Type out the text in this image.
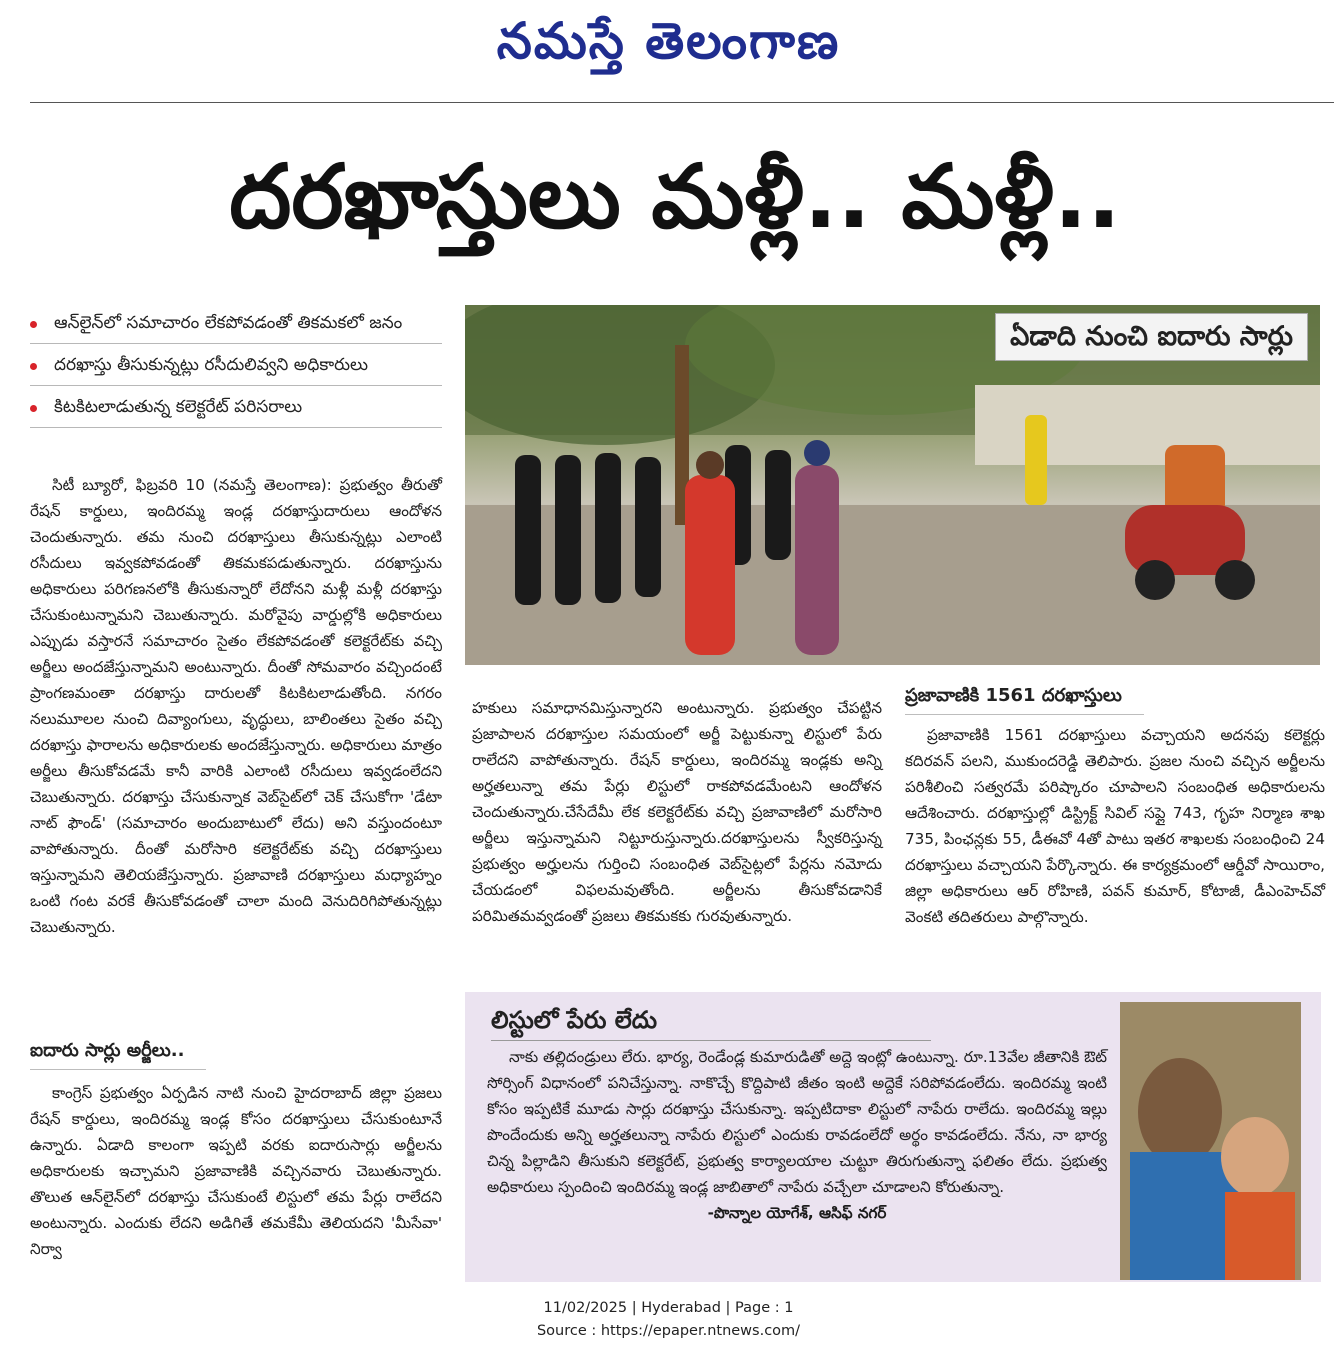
నమస్తే తెలంగాణ
దరఖాస్తులు మళ్లీ.. మళ్లీ..
ఆన్‌లైన్‌లో సమాచారం లేకపోవడంతో తికమకలో జనం
దరఖాస్తు తీసుకున్నట్లు రసీదులివ్వని అధికారులు
కిటకిటలాడుతున్న కలెక్టరేట్ పరిసరాలు

సిటీ బ్యూరో, ఫిబ్రవరి 10 (నమస్తే తెలంగాణ): ప్రభుత్వం తీరుతో రేషన్ కార్డులు, ఇందిరమ్మ ఇండ్ల దరఖాస్తుదారులు ఆందోళన చెందుతున్నారు. తమ నుంచి దరఖాస్తులు తీసుకున్నట్లు ఎలాంటి రసీదులు ఇవ్వకపోవడంతో తికమకపడుతున్నారు. దరఖాస్తును అధికారులు పరిగణనలోకి తీసుకున్నారో లేదోనని మళ్లీ మళ్లీ దరఖాస్తు చేసుకుంటున్నామని చెబుతున్నారు. మరోవైపు వార్డుల్లోకి అధికారులు ఎప్పుడు వస్తారనే సమాచారం సైతం లేకపోవడంతో కలెక్టరేట్‌కు వచ్చి అర్జీలు అందజేస్తున్నామని అంటున్నారు. దీంతో సోమవారం వచ్చిందంటే ప్రాంగణమంతా దరఖాస్తు దారులతో కిటకిటలాడుతోంది. నగరం నలుమూలల నుంచి దివ్యాంగులు, వృద్ధులు, బాలింతలు సైతం వచ్చి దరఖాస్తు ఫారాలను అధికారులకు అందజేస్తున్నారు. అధికారులు మాత్రం అర్జీలు తీసుకోవడమే కానీ వారికి ఎలాంటి రసీదులు ఇవ్వడంలేదని చెబుతున్నారు. దరఖాస్తు చేసుకున్నాక వెబ్‌సైట్‌లో చెక్ చేసుకోగా 'డేటా నాట్ ఫౌండ్' (సమాచారం అందుబాటులో లేదు) అని వస్తుందంటూ వాపోతున్నారు. దీంతో మరోసారి కలెక్టరేట్‌కు వచ్చి దరఖాస్తులు ఇస్తున్నామని తెలియజేస్తున్నారు. ప్రజావాణి దరఖాస్తులు మధ్యాహ్నం ఒంటి గంట వరకే తీసుకోవడంతో చాలా మంది వెనుదిరిగిపోతున్నట్లు చెబుతున్నారు.

ఐదారు సార్లు అర్జీలు..

కాంగ్రెస్ ప్రభుత్వం ఏర్పడిన నాటి నుంచి హైదరాబాద్ జిల్లా ప్రజలు రేషన్ కార్డులు, ఇందిరమ్మ ఇండ్ల కోసం దరఖాస్తులు చేసుకుంటూనే ఉన్నారు. ఏడాది కాలంగా ఇప్పటి వరకు ఐదారుసార్లు అర్జీలను అధికారులకు ఇచ్చామని ప్రజావాణికి వచ్చినవారు చెబుతున్నారు. తొలుత ఆన్‌లైన్‌లో దరఖాస్తు చేసుకుంటే లిస్టులో తమ పేర్లు రాలేదని అంటున్నారు. ఎందుకు లేదని అడిగితే తమకేమీ తెలియదని 'మీసేవా' నిర్వా

ఏడాది నుంచి ఐదారు సార్లు

హకులు సమాధానమిస్తున్నారని అంటున్నారు. ప్రభుత్వం చేపట్టిన ప్రజాపాలన దరఖాస్తుల సమయంలో అర్జీ పెట్టుకున్నా లిస్టులో పేరు రాలేదని వాపోతున్నారు. రేషన్ కార్డులు, ఇందిరమ్మ ఇండ్లకు అన్ని అర్హతలున్నా తమ పేర్లు లిస్టులో రాకపోవడమేంటని ఆందోళన చెందుతున్నారు.చేసేదేమీ లేక కలెక్టరేట్‌కు వచ్చి ప్రజావాణిలో మరోసారి అర్జీలు ఇస్తున్నామని నిట్టూరుస్తున్నారు.దరఖాస్తులను స్వీకరిస్తున్న ప్రభుత్వం అర్హులను గుర్తించి సంబంధిత వెబ్‌సైట్లలో పేర్లను నమోదు చేయడంలో విఫలమవుతోంది. అర్జీలను తీసుకోవడానికే పరిమితమవ్వడంతో ప్రజలు తికమకకు గురవుతున్నారు.

ప్రజావాణికి 1561 దరఖాస్తులు

ప్రజావాణికి 1561 దరఖాస్తులు వచ్చాయని అదనపు కలెక్టర్లు కదిరవన్ పలని, ముకుందరెడ్డి తెలిపారు. ప్రజల నుంచి వచ్చిన అర్జీలను పరిశీలించి సత్వరమే పరిష్కారం చూపాలని సంబంధిత అధికారులను ఆదేశించారు. దరఖాస్తుల్లో డిస్ట్రిక్ట్ సివిల్ సప్లై 743, గృహ నిర్మాణ శాఖ 735, పింఛన్లకు 55, డీఈవో 4తో పాటు ఇతర శాఖలకు సంబంధించి 24 దరఖాస్తులు వచ్చాయని పేర్కొన్నారు. ఈ కార్యక్రమంలో ఆర్డీవో సాయిరాం, జిల్లా అధికారులు ఆర్ రోహిణి, పవన్ కుమార్, కోటాజీ, డీఎంహెచ్‌వో వెంకటి తదితరులు పాల్గొన్నారు.

లిస్టులో పేరు లేదు

నాకు తల్లిదండ్రులు లేరు. భార్య, రెండేండ్ల కుమారుడితో అద్దె ఇంట్లో ఉంటున్నా. రూ.13వేల జీతానికి ఔట్ సోర్సింగ్ విధానంలో పనిచేస్తున్నా. నాకొచ్చే కొద్దిపాటి జీతం ఇంటి అద్దెకే సరిపోవడంలేదు. ఇందిరమ్మ ఇంటి కోసం ఇప్పటికే మూడు సార్లు దరఖాస్తు చేసుకున్నా. ఇప్పటిదాకా లిస్టులో నాపేరు రాలేదు. ఇందిరమ్మ ఇల్లు పొందేందుకు అన్ని అర్హతలున్నా నాపేరు లిస్టులో ఎందుకు రావడంలేదో అర్థం కావడంలేదు. నేను, నా భార్య చిన్న పిల్లాడిని తీసుకుని కలెక్టరేట్, ప్రభుత్వ కార్యాలయాల చుట్టూ తిరుగుతున్నా ఫలితం లేదు. ప్రభుత్వ అధికారులు స్పందించి ఇందిరమ్మ ఇండ్ల జాబితాలో నాపేరు వచ్చేలా చూడాలని కోరుతున్నా.

-పొన్నాల యోగేశ్, ఆసిఫ్ నగర్
11/02/2025 | Hyderabad | Page : 1
Source : https://epaper.ntnews.com/
